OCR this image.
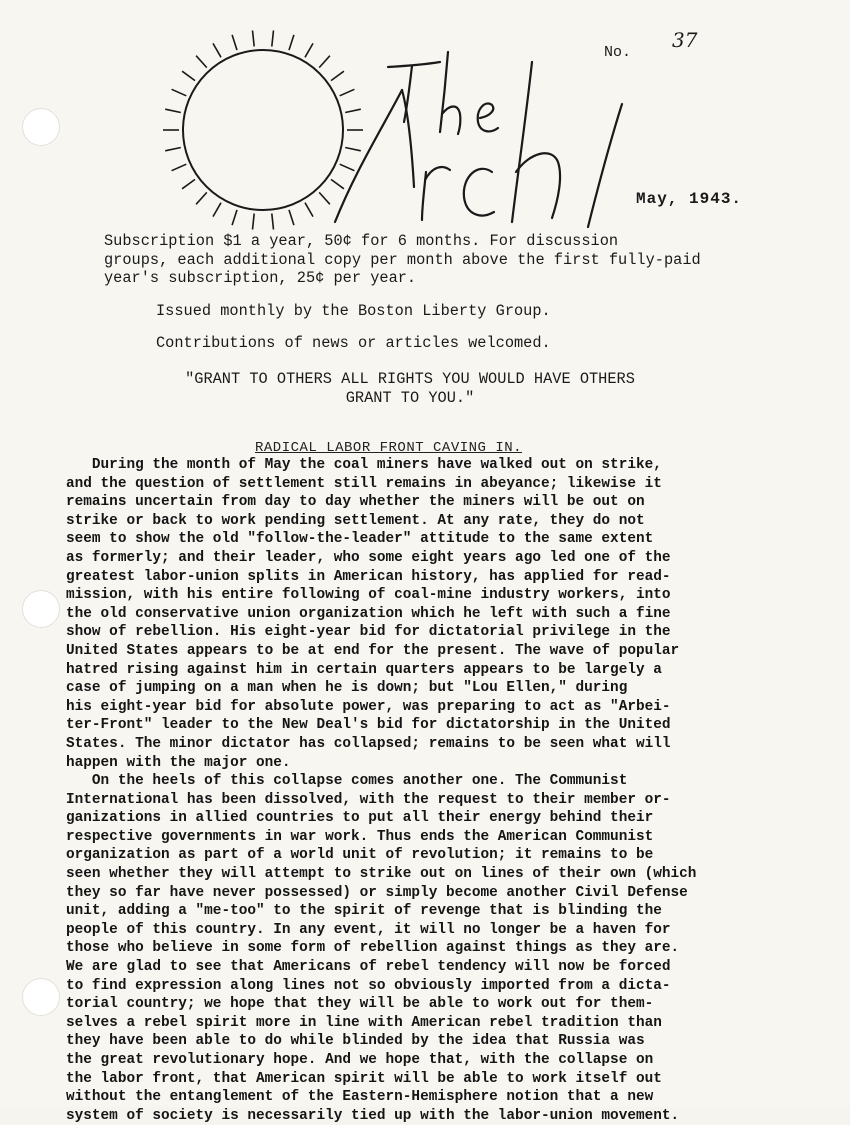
No.
37
May, 1943.
Subscription $1 a year, 50¢ for 6 months. For discussion
groups, each additional copy per month above the first fully-paid
year's subscription, 25¢ per year.
Issued monthly by the Boston Liberty Group.
Contributions of news or articles welcomed.
"GRANT TO OTHERS ALL RIGHTS YOU WOULD HAVE OTHERS
GRANT TO YOU."
RADICAL LABOR FRONT CAVING IN.
During the month of May the coal miners have walked out on strike,
and the question of settlement still remains in abeyance; likewise it
remains uncertain from day to day whether the miners will be out on
strike or back to work pending settlement. At any rate, they do not
seem to show the old "follow-the-leader" attitude to the same extent
as formerly; and their leader, who some eight years ago led one of the
greatest labor-union splits in American history, has applied for read-
mission, with his entire following of coal-mine industry workers, into
the old conservative union organization which he left with such a fine
show of rebellion. His eight-year bid for dictatorial privilege in the
United States appears to be at end for the present. The wave of popular
hatred rising against him in certain quarters appears to be largely a
case of jumping on a man when he is down; but "Lou Ellen," during
his eight-year bid for absolute power, was preparing to act as "Arbei-
ter-Front" leader to the New Deal's bid for dictatorship in the United
States. The minor dictator has collapsed; remains to be seen what will
happen with the major one.
On the heels of this collapse comes another one. The Communist
International has been dissolved, with the request to their member or-
ganizations in allied countries to put all their energy behind their
respective governments in war work. Thus ends the American Communist
organization as part of a world unit of revolution; it remains to be
seen whether they will attempt to strike out on lines of their own (which
they so far have never possessed) or simply become another Civil Defense
unit, adding a "me-too" to the spirit of revenge that is blinding the
people of this country. In any event, it will no longer be a haven for
those who believe in some form of rebellion against things as they are.
We are glad to see that Americans of rebel tendency will now be forced
to find expression along lines not so obviously imported from a dicta-
torial country; we hope that they will be able to work out for them-
selves a rebel spirit more in line with American rebel tradition than
they have been able to do while blinded by the idea that Russia was
the great revolutionary hope. And we hope that, with the collapse on
the labor front, that American spirit will be able to work itself out
without the entanglement of the Eastern-Hemisphere notion that a new
system of society is necessarily tied up with the labor-union movement.
